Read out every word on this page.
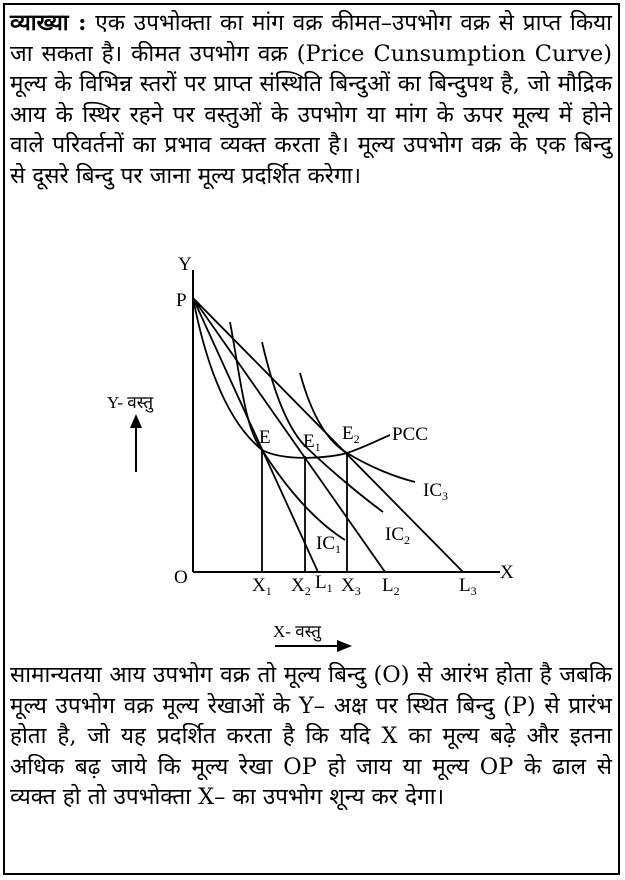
व्याख्या : एक उपभोक्ता का मांग वक्र कीमत–उपभोग वक्र से प्राप्त किया जा सकता है। कीमत उपभोग वक्र (Price Cunsumption Curve) मूल्य के विभिन्न स्तरों पर प्राप्त संस्थिति बिन्दुओं का बिन्दुपथ है, जो मौद्रिक आय के स्थिर रहने पर वस्तुओं के उपभोग या मांग के ऊपर मूल्य में होने वाले परिवर्तनों का प्रभाव व्यक्त करता है। मूल्य उपभोग वक्र के एक बिन्दु से दूसरे बिन्दु पर जाना मूल्य प्रदर्शित करेगा।

Y
X
O
P
Y- वस्तु
X- वस्तु
E $E_1$
$E_2$ PCC
$IC_1$
$IC_2$
$IC_3$
$X_1$ $X_2$ $L_1$ $X_3$ $L_2$	$L_3$

सामान्यतया आय उपभोग वक्र तो मूल्य बिन्दु (O) से आरंभ होता है जबकि मूल्य उपभोग वक्र मूल्य रेखाओं के Y– अक्ष पर स्थित बिन्दु (P) से प्रारंभ होता है, जो यह प्रदर्शित करता है कि यदि X का मूल्य बढ़े और इतना अधिक बढ़ जाये कि मूल्य रेखा OP हो जाय या मूल्य OP के ढाल से व्यक्त हो तो उपभोक्ता X– का उपभोग शून्य कर देगा।
